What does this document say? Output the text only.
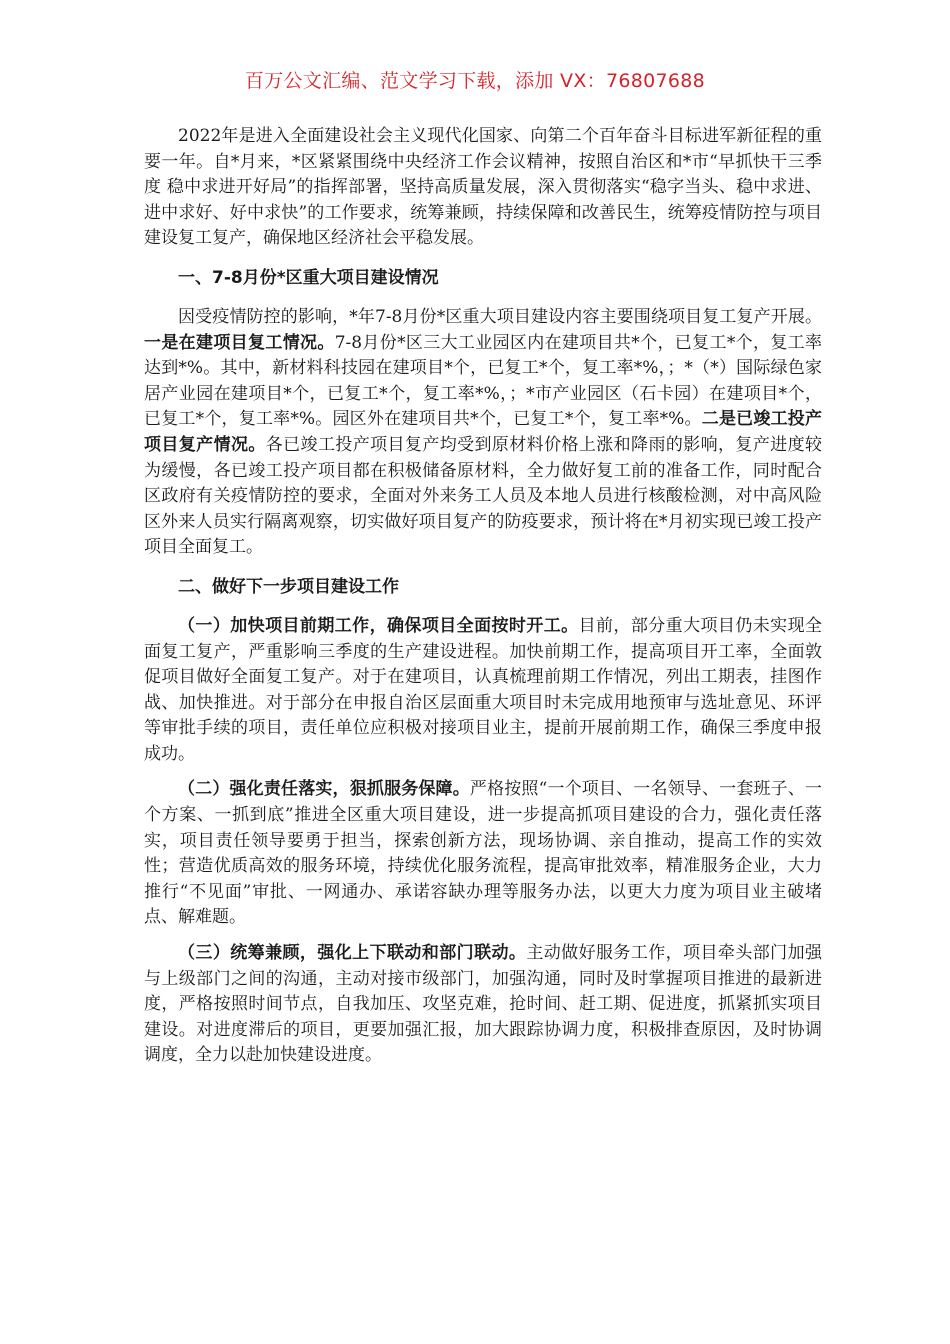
百万公文汇编、范文学习下载，添加 VX：76807688

2022年是进入全面建设社会主义现代化国家、向第二个百年奋斗目标进军新征程的重要一年。自*月来，*区紧紧围绕中央经济工作会议精神，按照自治区和*市“早抓快干三季度 稳中求进开好局”的指挥部署，坚持高质量发展，深入贯彻落实“稳字当头、稳中求进、进中求好、好中求快”的工作要求，统筹兼顾，持续保障和改善民生，统筹疫情防控与项目建设复工复产，确保地区经济社会平稳发展。

一、7-8月份*区重大项目建设情况

因受疫情防控的影响，*年7-8月份*区重大项目建设内容主要围绕项目复工复产开展。一是在建项目复工情况。7-8月份*区三大工业园区内在建项目共*个，已复工*个，复工率达到*%。其中，新材料科技园在建项目*个，已复工*个，复工率*%，；*（*）国际绿色家居产业园在建项目*个，已复工*个，复工率*%，；*市产业园区（石卡园）在建项目*个，已复工*个，复工率*%。园区外在建项目共*个，已复工*个，复工率*%。二是已竣工投产项目复产情况。各已竣工投产项目复产均受到原材料价格上涨和降雨的影响，复产进度较为缓慢，各已竣工投产项目都在积极储备原材料，全力做好复工前的准备工作，同时配合区政府有关疫情防控的要求，全面对外来务工人员及本地人员进行核酸检测，对中高风险区外来人员实行隔离观察，切实做好项目复产的防疫要求，预计将在*月初实现已竣工投产项目全面复工。

二、做好下一步项目建设工作

（一）加快项目前期工作，确保项目全面按时开工。目前，部分重大项目仍未实现全面复工复产，严重影响三季度的生产建设进程。加快前期工作，提高项目开工率，全面敦促项目做好全面复工复产。对于在建项目，认真梳理前期工作情况，列出工期表，挂图作战、加快推进。对于部分在申报自治区层面重大项目时未完成用地预审与选址意见、环评等审批手续的项目，责任单位应积极对接项目业主，提前开展前期工作，确保三季度申报成功。

（二）强化责任落实，狠抓服务保障。严格按照“一个项目、一名领导、一套班子、一个方案、一抓到底”推进全区重大项目建设，进一步提高抓项目建设的合力，强化责任落实，项目责任领导要勇于担当，探索创新方法，现场协调、亲自推动，提高工作的实效性；营造优质高效的服务环境，持续优化服务流程，提高审批效率，精准服务企业，大力推行“不见面”审批、一网通办、承诺容缺办理等服务办法，以更大力度为项目业主破堵点、解难题。

（三）统筹兼顾，强化上下联动和部门联动。主动做好服务工作，项目牵头部门加强与上级部门之间的沟通，主动对接市级部门，加强沟通，同时及时掌握项目推进的最新进度，严格按照时间节点，自我加压、攻坚克难，抢时间、赶工期、促进度，抓紧抓实项目建设。对进度滞后的项目，更要加强汇报，加大跟踪协调力度，积极排查原因，及时协调调度，全力以赴加快建设进度。
